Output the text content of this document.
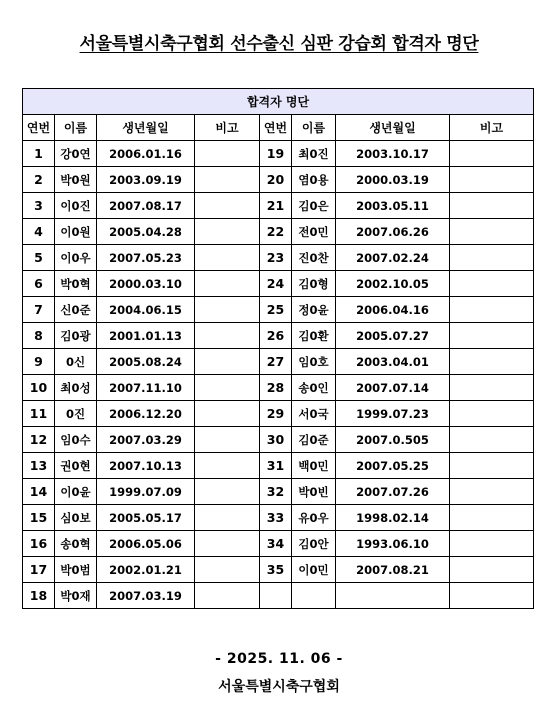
서울특별시축구협회 선수출신 심판 강습회 합격자 명단
합격자 명단							
연번	이름	생년월일	비고	연번	이름	생년월일	비고
1	강0연	2006.01.16		19	최0진	2003.10.17	
2	박0원	2003.09.19		20	염0용	2000.03.19	
3	이0진	2007.08.17		21	김0은	2003.05.11	
4	이0원	2005.04.28		22	전0민	2007.06.26	
5	이0우	2007.05.23		23	진0찬	2007.02.24	
6	박0혁	2000.03.10		24	김0형	2002.10.05	
7	신0준	2004.06.15		25	정0윤	2006.04.16	
8	김0광	2001.01.13		26	김0환	2005.07.27	
9	0신	2005.08.24		27	임0호	2003.04.01	
10	최0성	2007.11.10		28	송0인	2007.07.14	
11	0진	2006.12.20		29	서0국	1999.07.23	
12	임0수	2007.03.29		30	김0준	2007.0.505	
13	권0현	2007.10.13		31	백0민	2007.05.25	
14	이0윤	1999.07.09		32	박0빈	2007.07.26	
15	심0보	2005.05.17		33	유0우	1998.02.14	
16	송0혁	2006.05.06		34	김0안	1993.06.10	
17	박0범	2002.01.21		35	이0민	2007.08.21	
18	박0재	2007.03.19					
- 2025. 11. 06 -
서울특별시축구협회
